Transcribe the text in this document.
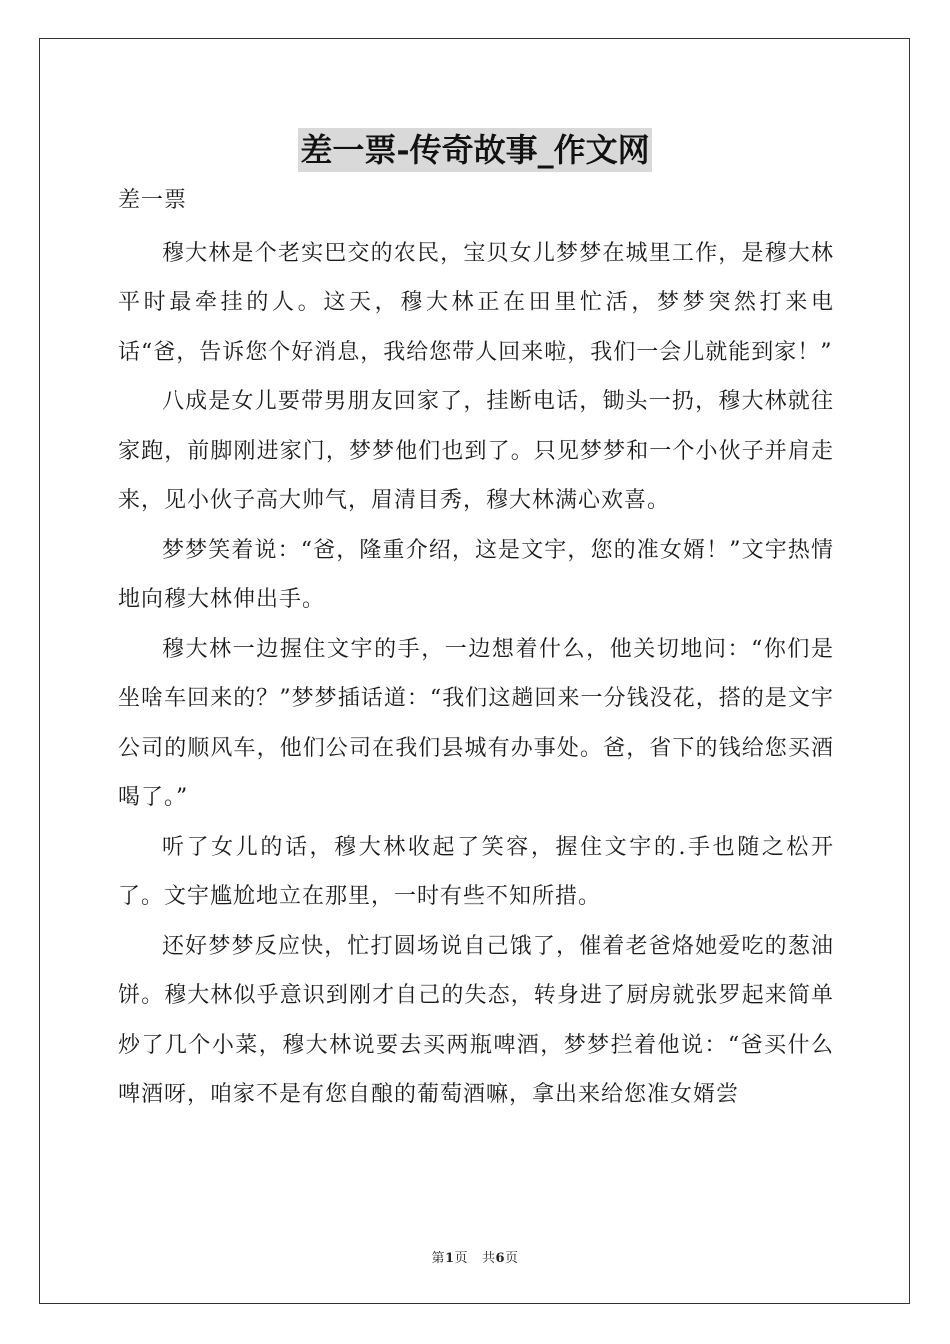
差一票-传奇故事_作文网

差一票

穆大林是个老实巴交的农民，宝贝女儿梦梦在城里工作，是穆大林平时最牵挂的人。这天，穆大林正在田里忙活，梦梦突然打来电话“爸，告诉您个好消息，我给您带人回来啦，我们一会儿就能到家！”

八成是女儿要带男朋友回家了，挂断电话，锄头一扔，穆大林就往家跑，前脚刚进家门，梦梦他们也到了。只见梦梦和一个小伙子并肩走来，见小伙子高大帅气，眉清目秀，穆大林满心欢喜。

梦梦笑着说：“爸，隆重介绍，这是文宇，您的准女婿！”文宇热情地向穆大林伸出手。

穆大林一边握住文宇的手，一边想着什么，他关切地问：“你们是坐啥车回来的？”梦梦插话道：“我们这趟回来一分钱没花，搭的是文宇公司的顺风车，他们公司在我们县城有办事处。爸，省下的钱给您买酒喝了。”

听了女儿的话，穆大林收起了笑容，握住文宇的.手也随之松开了。文宇尴尬地立在那里，一时有些不知所措。

还好梦梦反应快，忙打圆场说自己饿了，催着老爸烙她爱吃的葱油饼。穆大林似乎意识到刚才自己的失态，转身进了厨房就张罗起来简单炒了几个小菜，穆大林说要去买两瓶啤酒，梦梦拦着他说：“爸买什么啤酒呀，咱家不是有您自酿的葡萄酒嘛，拿出来给您准女婿尝

第1页 共6页
